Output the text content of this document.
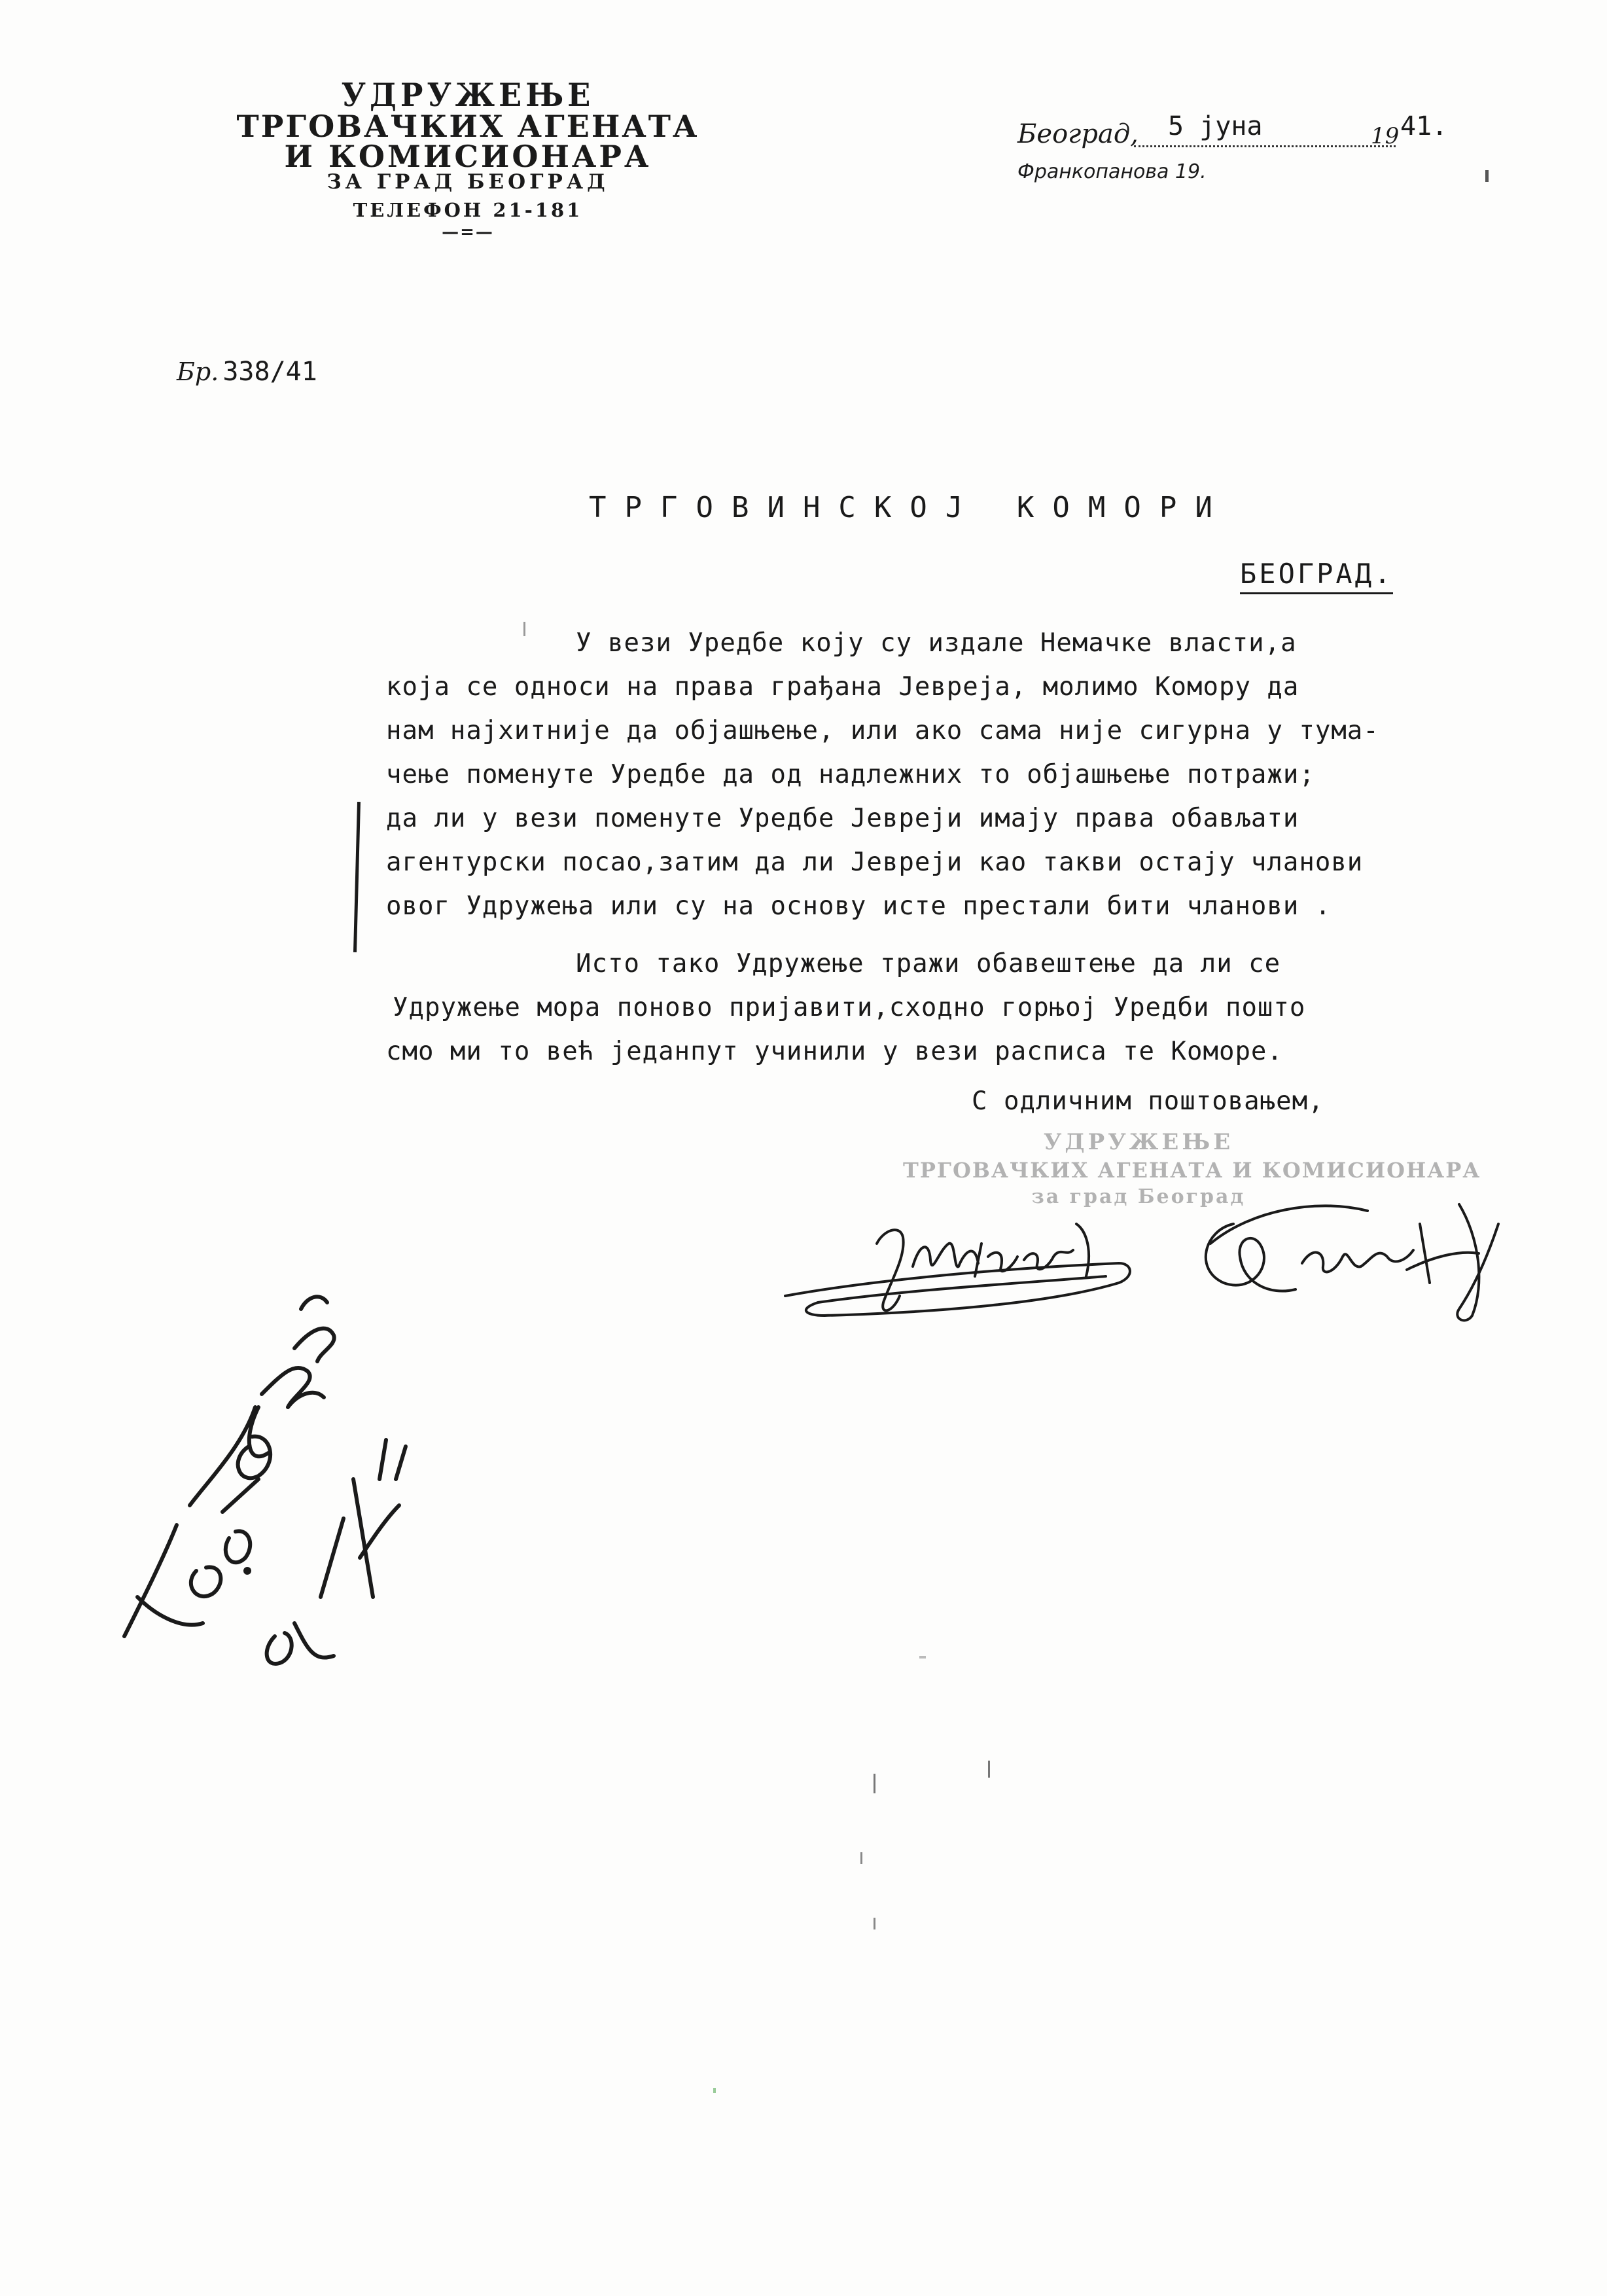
УДРУЖЕЊЕ
ТРГОВАЧКИХ АГЕНАТА
И КОМИСИОНАРА
ЗА ГРАД БЕОГРАД
ТЕЛЕФОН 21-181
—=—
Београд, 5 јуна	19 41.
Франкопанова 19.
Бр. 338/41
ТРГОВИНСКОЈ КОМОРИ
БЕОГРАД.
У вези Уредбе коју су издале Немачке власти,а
која се односи на права грађана Јевреја, молимо Комору да
нам најхитније да објашњење, или ако сама није сигурна у тума-
чење поменуте Уредбе да од надлежних то објашњење потражи;
да ли у вези поменуте Уредбе Јевреји имају права обављати
агентурски посао,затим да ли Јевреји као такви остају чланови
овог Удружења или су на основу исте престали бити чланови .
Исто тако Удружење тражи обавештење да ли се
Удружење мора поново пријавити,сходно горњој Уредби пошто
смо ми то већ једанпут учинили у вези расписа те Коморе.
С одличним поштовањем,
УДРУЖЕЊЕ
ТРГОВАЧКИХ АГЕНАТА И КОМИСИОНАРА
за град Београд
